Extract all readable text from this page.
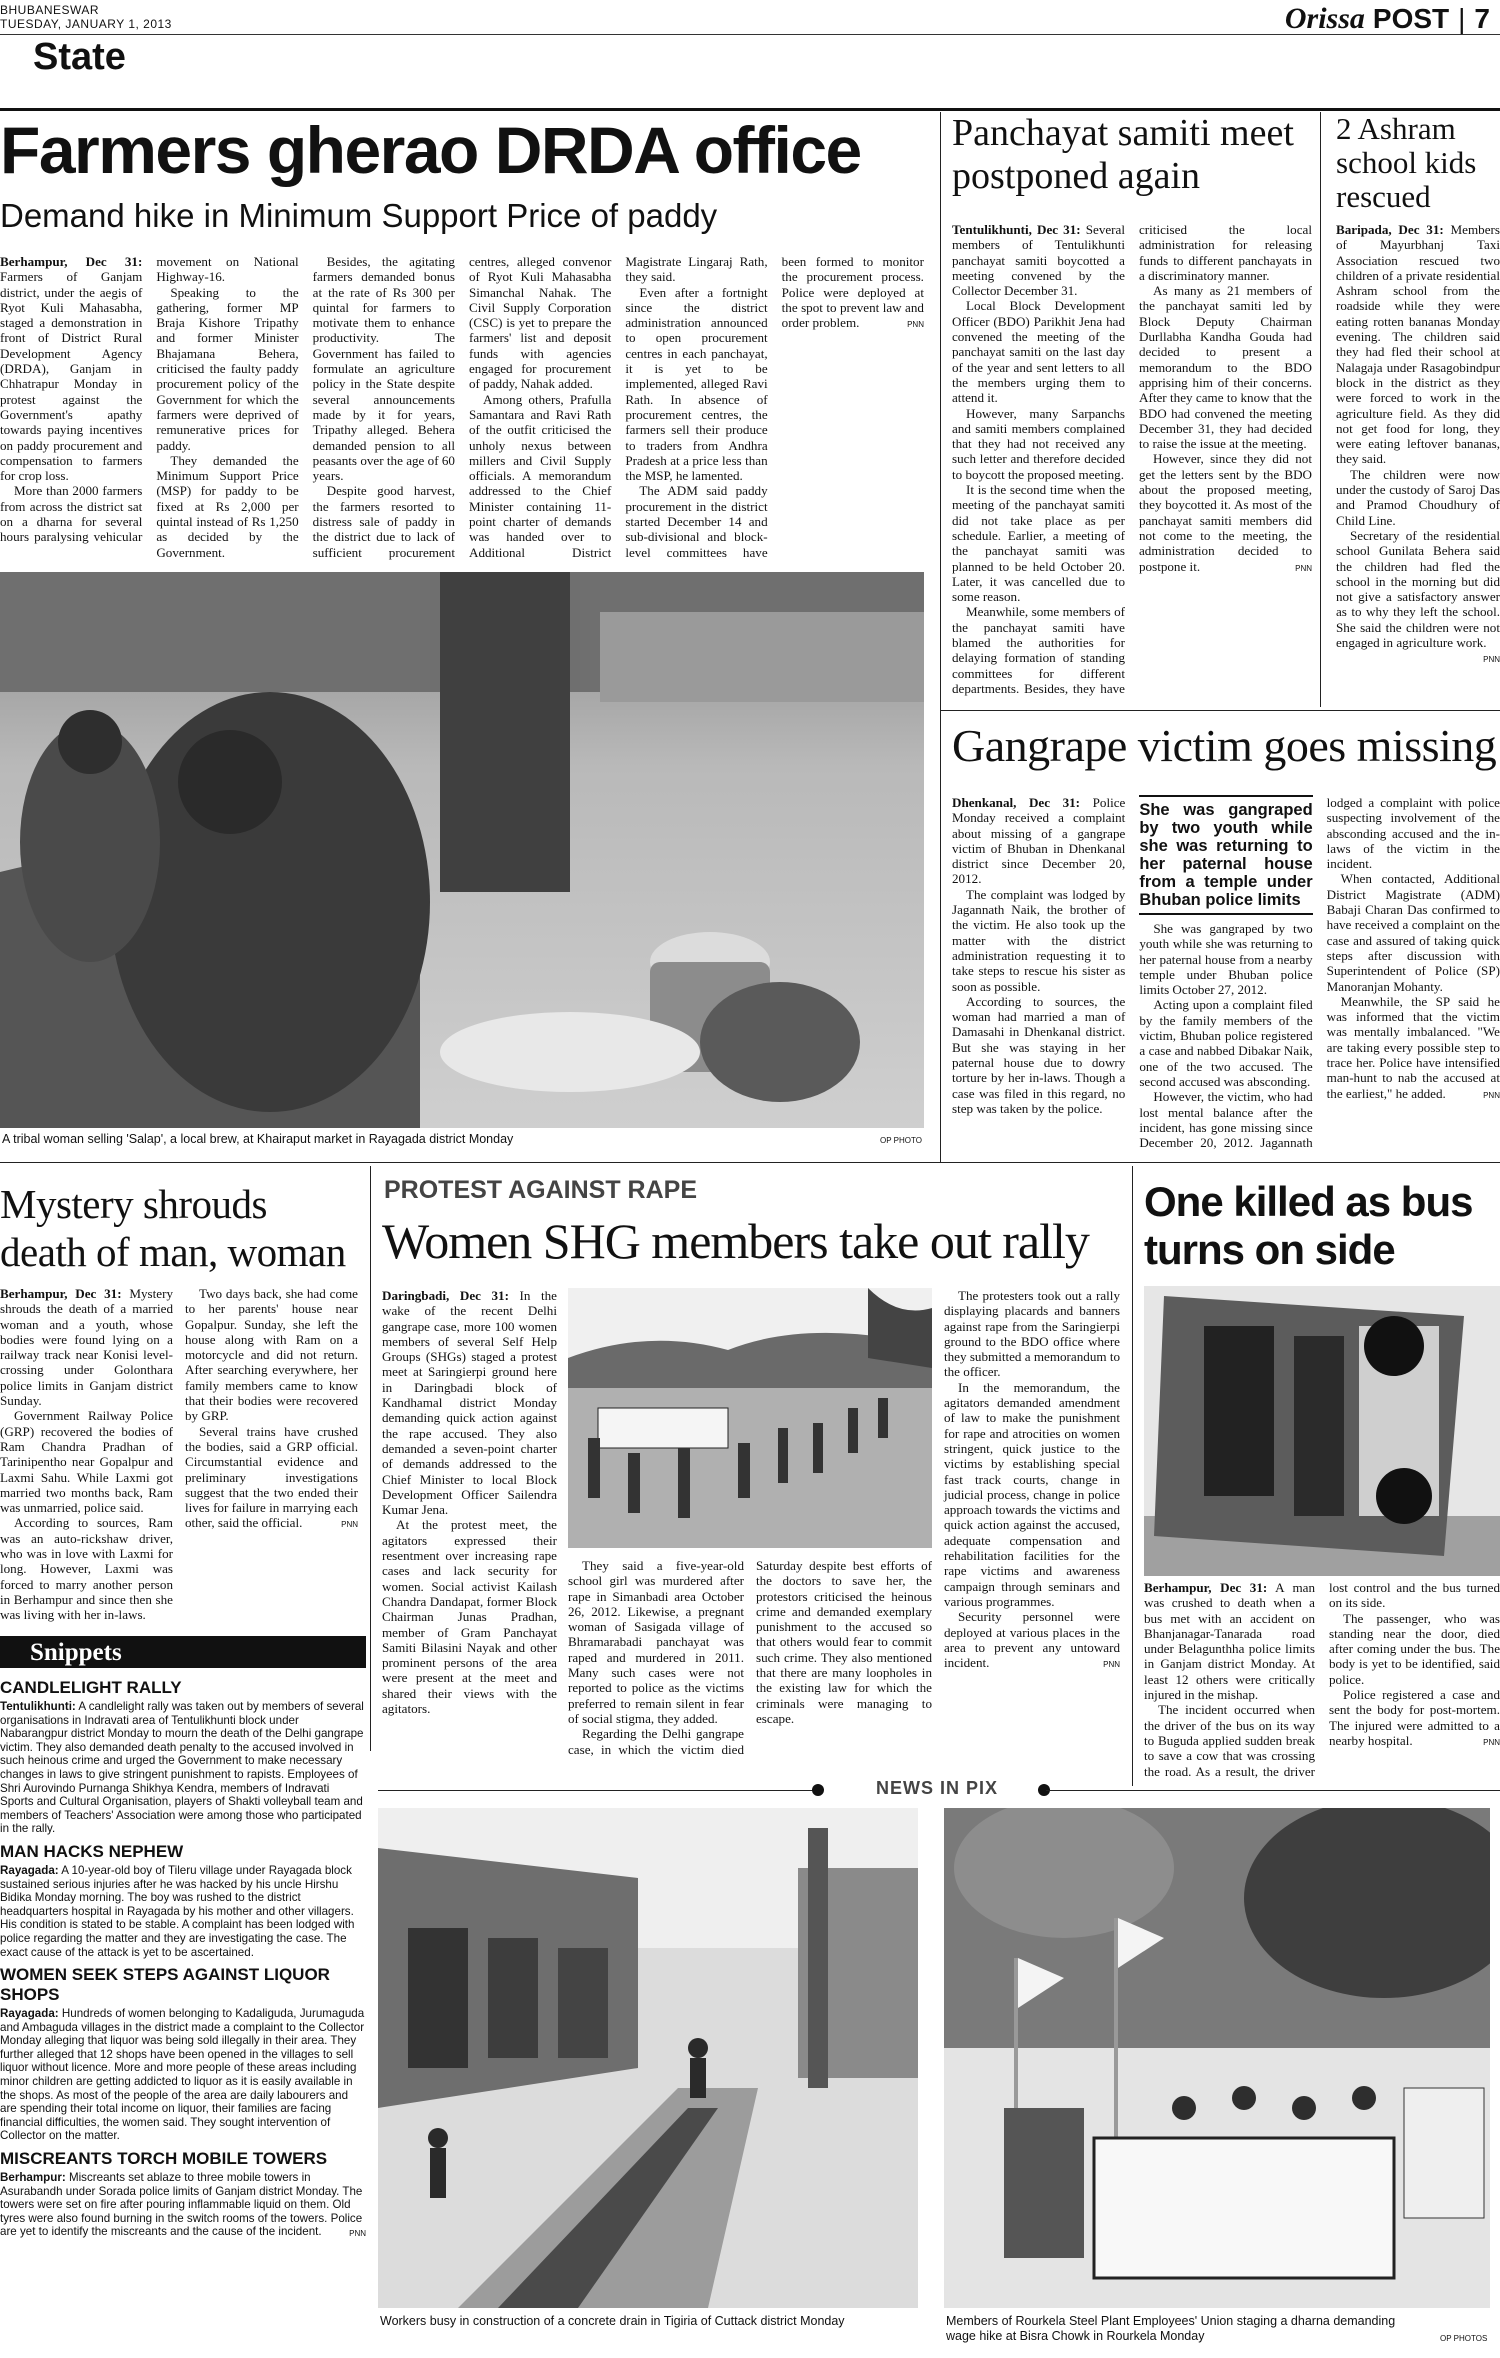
BHUBANESWAR
TUESDAY, JANUARY 1, 2013	Orissa POST | 7
State
Farmers gherao DRDA office
Demand hike in Minimum Support Price of paddy

Berhampur, Dec 31: Farmers of Ganjam district, under the aegis of Ryot Kuli Mahasabha, staged a demonstration in front of District Rural Development Agency (DRDA), Ganjam in Chhatrapur Monday in protest against the Government's apathy towards paying incentives on paddy procurement and compensation to farmers for crop loss.

More than 2000 farmers from across the district sat on a dharna for several hours paralysing vehicular movement on National Highway-16.

Speaking to the gathering, former MP Braja Kishore Tripathy and former Minister Bhajamana Behera, criticised the faulty paddy procurement policy of the Government for which the farmers were deprived of remunerative prices for paddy.

They demanded the Minimum Support Price (MSP) for paddy to be fixed at Rs 2,000 per quintal instead of Rs 1,250 as decided by the Government.

Besides, the agitating farmers demanded bonus at the rate of Rs 300 per quintal for farmers to motivate them to enhance productivity. The Government has failed to formulate an agriculture policy in the State despite several announcements made by it for years, Tripathy alleged. Behera demanded pension to all peasants over the age of 60 years.

Despite good harvest, the farmers resorted to distress sale of paddy in the district due to lack of sufficient procurement centres, alleged convenor of Ryot Kuli Mahasabha Simanchal Nahak. The Civil Supply Corporation (CSC) is yet to prepare the farmers' list and deposit funds with agencies engaged for procurement of paddy, Nahak added.

Among others, Prafulla Samantara and Ravi Rath of the outfit criticised the unholy nexus between millers and Civil Supply officials. A memorandum addressed to the Chief Minister containing 11-point charter of demands was handed over to Additional District Magistrate Lingaraj Rath, they said.

Even after a fortnight since the district administration announced to open procurement centres in each panchayat, it is yet to be implemented, alleged Ravi Rath. In absence of procurement centres, the farmers sell their produce to traders from Andhra Pradesh at a price less than the MSP, he lamented.

The ADM said paddy procurement in the district started December 14 and sub-divisional and block-level committees have been formed to monitor the procurement process. Police were deployed at the spot to prevent law and order problem.	PNN

A tribal woman selling 'Salap', a local brew, at Khairaput market in Rayagada district Monday	OP PHOTO
Panchayat samiti meet postponed again

Tentulikhunti, Dec 31: Several members of Tentulikhunti panchayat samiti boycotted a meeting convened by the Collector December 31.

Local Block Development Officer (BDO) Parikhit Jena had convened the meeting of the panchayat samiti on the last day of the year and sent letters to all the members urging them to attend it.

However, many Sarpanchs and samiti members complained that they had not received any such letter and therefore decided to boycott the proposed meeting.

It is the second time when the meeting of the panchayat samiti did not take place as per schedule. Earlier, a meeting of the panchayat samiti was planned to be held October 20. Later, it was cancelled due to some reason.

Meanwhile, some members of the panchayat samiti have blamed the authorities for delaying formation of standing committees for different departments. Besides, they have criticised the local administration for releasing funds to different panchayats in a discriminatory manner.

As many as 21 members of the panchayat samiti led by Block Deputy Chairman Durllabha Kandha Gouda had decided to present a memorandum to the BDO apprising him of their concerns. After they came to know that the BDO had convened the meeting December 31, they had decided to raise the issue at the meeting.

However, since they did not get the letters sent by the BDO about the proposed meeting, they boycotted it. As most of the panchayat samiti members did not come to the meeting, the administration decided to postpone it.	PNN

2 Ashram school kids rescued

Baripada, Dec 31: Members of Mayurbhanj Taxi Association rescued two children of a private residential Ashram school from the roadside while they were eating rotten bananas Monday evening. The children said they had fled their school at Nalagaja under Rasagobindpur block in the district as they were forced to work in the agriculture field. As they did not get food for long, they were eating leftover bananas, they said.

The children were now under the custody of Saroj Das and Pramod Choudhury of Child Line.

Secretary of the residential school Gunilata Behera said the children had fled the school in the morning but did not give a satisfactory answer as to why they left the school. She said the children were not engaged in agriculture work.
PNN

Gangrape victim goes missing

Dhenkanal, Dec 31: Police Monday received a complaint about missing of a gangrape victim of Bhuban in Dhenkanal district since December 20, 2012.

The complaint was lodged by Jagannath Naik, the brother of the victim. He also took up the matter with the district administration requesting it to take steps to rescue his sister as soon as possible.

According to sources, the woman had married a man of Damasahi in Dhenkanal district. But she was staying in her paternal house due to dowry torture by her in-laws. Though a case was filed in this regard, no step was taken by the police.

She was gangraped by two youth while she was returning to her paternal house from a temple under Bhuban police limits

She was gangraped by two youth while she was returning to her paternal house from a nearby temple under Bhuban police limits October 27, 2012.

Acting upon a complaint filed by the family members of the victim, Bhuban police registered a case and nabbed Dibakar Naik, one of the two accused. The second accused was absconding.

However, the victim, who had lost mental balance after the incident, has gone missing since December 20, 2012. Jagannath lodged a complaint with police suspecting involvement of the absconding accused and the in-laws of the victim in the incident.

When contacted, Additional District Magistrate (ADM) Babaji Charan Das confirmed to have received a complaint on the case and assured of taking quick steps after discussion with Superintendent of Police (SP) Manoranjan Mohanty.

Meanwhile, the SP said he was informed that the victim was mentally imbalanced. "We are taking every possible step to trace her. Police have intensified man-hunt to nab the accused at the earliest," he added.	PNN

Mystery shrouds death of man, woman

Berhampur, Dec 31: Mystery shrouds the death of a married woman and a youth, whose bodies were found lying on a railway track near Konisi level-crossing under Golonthara police limits in Ganjam district Sunday.

Government Railway Police (GRP) recovered the bodies of Ram Chandra Pradhan of Tarinipentho near Gopalpur and Laxmi Sahu. While Laxmi got married two months back, Ram was unmarried, police said.

According to sources, Ram was an auto-rickshaw driver, who was in love with Laxmi for long. However, Laxmi was forced to marry another person in Berhampur and since then she was living with her in-laws.

Two days back, she had come to her parents' house near Gopalpur. Sunday, she left the house along with Ram on a motorcycle and did not return. After searching everywhere, her family members came to know that their bodies were recovered by GRP.

Several trains have crushed the bodies, said a GRP official. Circumstantial evidence and preliminary investigations suggest that the two ended their lives for failure in marrying each other, said the official.	PNN

Snippets
CANDLELIGHT RALLY
Tentulikhunti: A candlelight rally was taken out by members of several organisations in Indravati area of Tentulikhunti block under Nabarangpur district Monday to mourn the death of the Delhi gangrape victim. They also demanded death penalty to the accused involved in such heinous crime and urged the Government to make necessary changes in laws to give stringent punishment to rapists. Employees of Shri Aurovindo Purnanga Shikhya Kendra, members of Indravati Sports and Cultural Organisation, players of Shakti volleyball team and members of Teachers' Association were among those who participated in the rally.
MAN HACKS NEPHEW
Rayagada: A 10-year-old boy of Tileru village under Rayagada block sustained serious injuries after he was hacked by his uncle Hirshu Bidika Monday morning. The boy was rushed to the district headquarters hospital in Rayagada by his mother and other villagers. His condition is stated to be stable. A complaint has been lodged with police regarding the matter and they are investigating the case. The exact cause of the attack is yet to be ascertained.
WOMEN SEEK STEPS AGAINST LIQUOR SHOPS
Rayagada: Hundreds of women belonging to Kadaliguda, Jurumaguda and Ambaguda villages in the district made a complaint to the Collector Monday alleging that liquor was being sold illegally in their area. They further alleged that 12 shops have been opened in the villages to sell liquor without licence. More and more people of these areas including minor children are getting addicted to liquor as it is easily available in the shops. As most of the people of the area are daily labourers and are spending their total income on liquor, their families are facing financial difficulties, the women said. They sought intervention of Collector on the matter.
MISCREANTS TORCH MOBILE TOWERS
Berhampur: Miscreants set ablaze to three mobile towers in Asurabandh under Sorada police limits of Ganjam district Monday. The towers were set on fire after pouring inflammable liquid on them. Old tyres were also found burning in the switch rooms of the towers. Police are yet to identify the miscreants and the cause of the incident.	PNN
PROTEST AGAINST RAPE
Women SHG members take out rally

Daringbadi, Dec 31: In the wake of the recent Delhi gangrape case, more 100 women members of several Self Help Groups (SHGs) staged a protest meet at Saringierpi ground here in Daringbadi block of Kandhamal district Monday demanding quick action against the rape accused. They also demanded a seven-point charter of demands addressed to the Chief Minister to local Block Development Officer Sailendra Kumar Jena.

At the protest meet, the agitators expressed their resentment over increasing rape cases and lack security for women. Social activist Kailash Chandra Dandapat, former Block Chairman Junas Pradhan, member of Gram Panchayat Samiti Bilasini Nayak and other prominent persons of the area were present at the meet and shared their views with the agitators.

They said a five-year-old school girl was murdered after rape in Simanbadi area October 26, 2012. Likewise, a pregnant woman of Sasigada village of Bhramarabadi panchayat was raped and murdered in 2011. Many such cases were not reported to police as the victims preferred to remain silent in fear of social stigma, they added.

Regarding the Delhi gangrape case, in which the victim died Saturday despite best efforts of the doctors to save her, the protestors criticised the heinous crime and demanded exemplary punishment to the accused so that others would fear to commit such crime. They also mentioned that there are many loopholes in the existing law for which the criminals were managing to escape.

The protesters took out a rally displaying placards and banners against rape from the Saringierpi ground to the BDO office where they submitted a memorandum to the officer.

In the memorandum, the agitators demanded amendment of law to make the punishment for rape and atrocities on women stringent, quick justice to the victims by establishing special fast track courts, change in judicial process, change in police approach towards the victims and quick action against the accused, adequate compensation and rehabilitation facilities for the rape victims and awareness campaign through seminars and various programmes.

Security personnel were deployed at various places in the area to prevent any untoward incident.	PNN

One killed as bus turns on side

Berhampur, Dec 31: A man was crushed to death when a bus met with an accident on Bhanjanagar-Tanarada road under Belagunthha police limits in Ganjam district Monday. At least 12 others were critically injured in the mishap.

The incident occurred when the driver of the bus on its way to Buguda applied sudden break to save a cow that was crossing the road. As a result, the driver lost control and the bus turned on its side.

The passenger, who was standing near the door, died after coming under the bus. The body is yet to be identified, said police.

Police registered a case and sent the body for post-mortem. The injured were admitted to a nearby hospital.	PNN

NEWS IN PIX
Workers busy in construction of a concrete drain in Tigiria of Cuttack district Monday	Members of Rourkela Steel Plant Employees' Union staging a dharna demanding wage hike at Bisra Chowk in Rourkela Monday	OP PHOTOS
